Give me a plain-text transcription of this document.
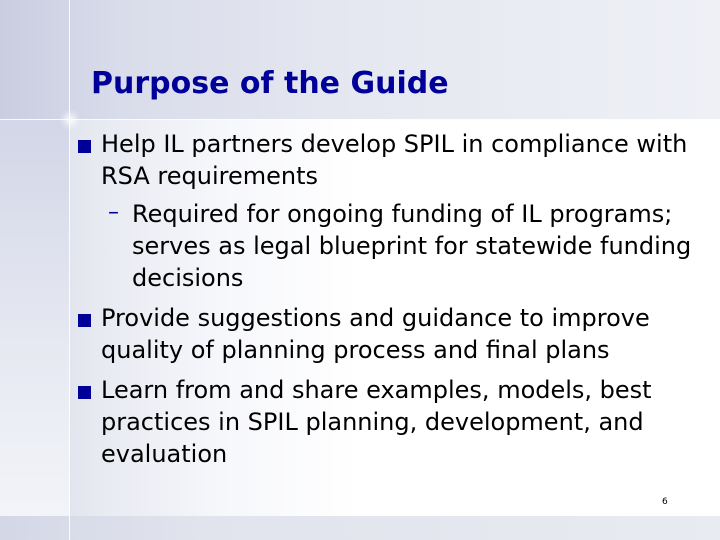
Purpose of the Guide
Help IL partners develop SPIL in compliance with RSA requirements
– Required for ongoing funding of IL programs; serves as legal blueprint for statewide funding decisions
Provide suggestions and guidance to improve quality of planning process and final plans
Learn from and share examples, models, best practices in SPIL planning, development, and evaluation
6
